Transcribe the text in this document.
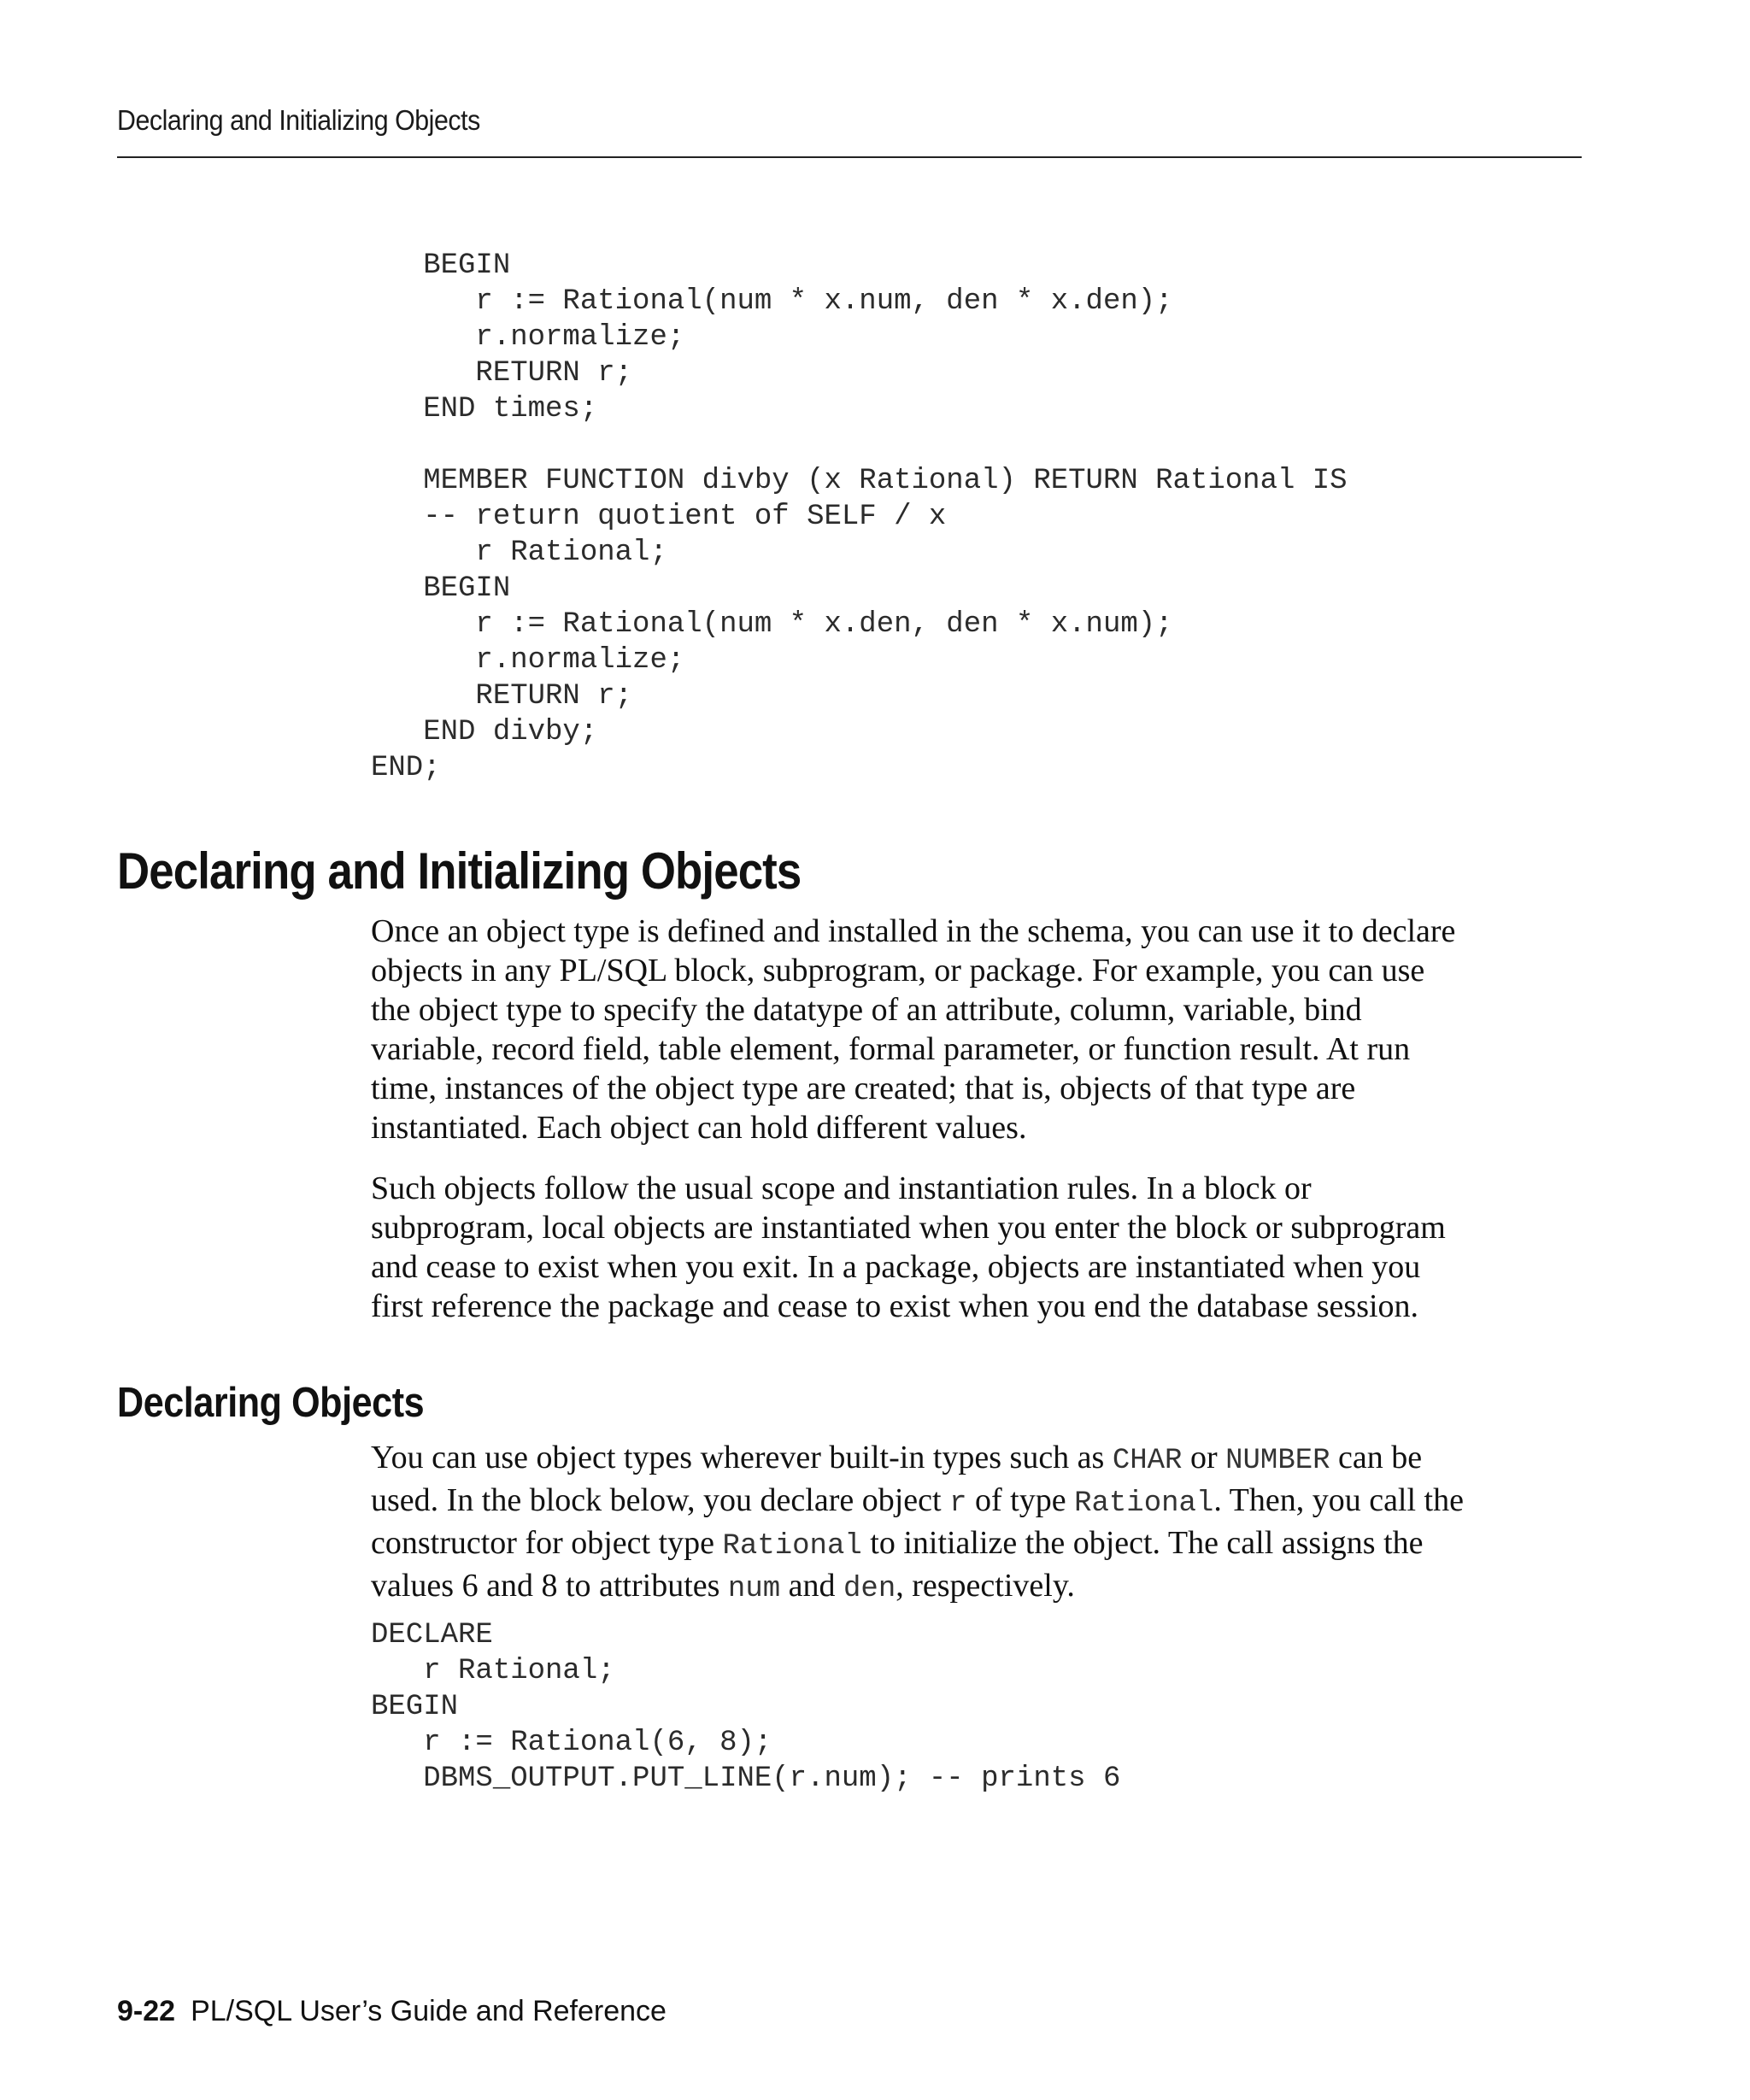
Declaring and Initializing Objects
BEGIN
r := Rational(num * x.num, den * x.den);
r.normalize;
RETURN r;
END times;

MEMBER FUNCTION divby (x Rational) RETURN Rational IS
-- return quotient of SELF / x
r Rational;
BEGIN
r := Rational(num * x.den, den * x.num);
r.normalize;
RETURN r;
END divby;
END;
Declaring and Initializing Objects

Once an object type is defined and installed in the schema, you can use it to declare
objects in any PL/SQL block, subprogram, or package. For example, you can use
the object type to specify the datatype of an attribute, column, variable, bind
variable, record field, table element, formal parameter, or function result. At run
time, instances of the object type are created; that is, objects of that type are
instantiated. Each object can hold different values.

Such objects follow the usual scope and instantiation rules. In a block or
subprogram, local objects are instantiated when you enter the block or subprogram
and cease to exist when you exit. In a package, objects are instantiated when you
first reference the package and cease to exist when you end the database session.

Declaring Objects

You can use object types wherever built-in types such as CHAR or NUMBER can be
used. In the block below, you declare object r of type Rational. Then, you call the
constructor for object type Rational to initialize the object. The call assigns the
values 6 and 8 to attributes num and den, respectively.

DECLARE
r Rational;
BEGIN
r := Rational(6, 8);
DBMS_OUTPUT.PUT_LINE(r.num); -- prints 6
9-22 PL/SQL User’s Guide and Reference
